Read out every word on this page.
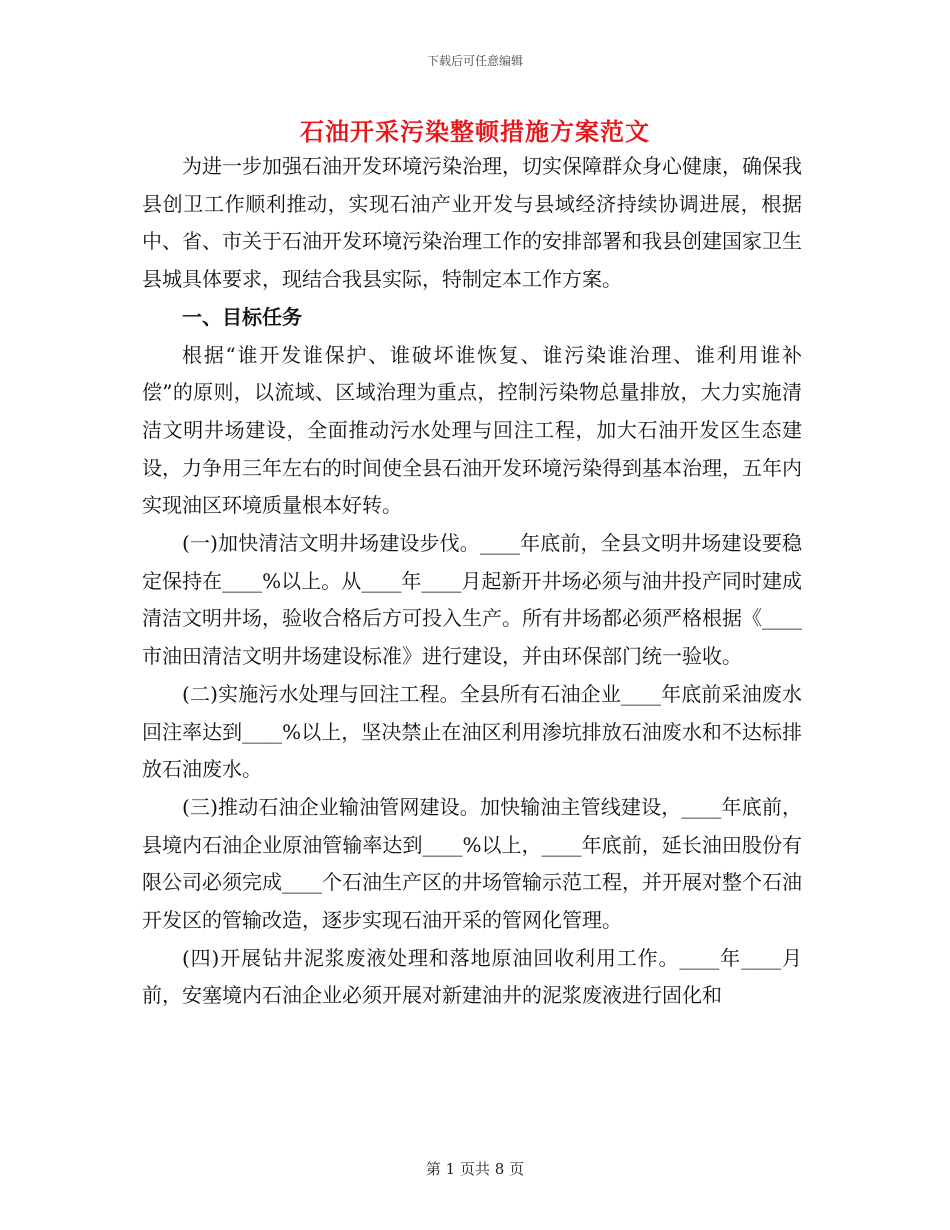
下载后可任意编辑
石油开采污染整顿措施方案范文

为进一步加强石油开发环境污染治理，切实保障群众身心健康，确保我县创卫工作顺利推动，实现石油产业开发与县域经济持续协调进展，根据中、省、市关于石油开发环境污染治理工作的安排部署和我县创建国家卫生县城具体要求，现结合我县实际，特制定本工作方案。

一、目标任务

根据“谁开发谁保护、谁破坏谁恢复、谁污染谁治理、谁利用谁补偿”的原则，以流域、区域治理为重点，控制污染物总量排放，大力实施清洁文明井场建设，全面推动污水处理与回注工程，加大石油开发区生态建设，力争用三年左右的时间使全县石油开发环境污染得到基本治理，五年内实现油区环境质量根本好转。

(一)加快清洁文明井场建设步伐。____年底前，全县文明井场建设要稳定保持在____%以上。从____年____月起新开井场必须与油井投产同时建成清洁文明井场，验收合格后方可投入生产。所有井场都必须严格根据《____市油田清洁文明井场建设标准》进行建设，并由环保部门统一验收。

(二)实施污水处理与回注工程。全县所有石油企业____年底前采油废水回注率达到____%以上，坚决禁止在油区利用渗坑排放石油废水和不达标排放石油废水。

(三)推动石油企业输油管网建设。加快输油主管线建设，____年底前，县境内石油企业原油管输率达到____%以上，____年底前，延长油田股份有限公司必须完成____个石油生产区的井场管输示范工程，并开展对整个石油开发区的管输改造，逐步实现石油开采的管网化管理。

(四)开展钻井泥浆废液处理和落地原油回收利用工作。____年____月前，安塞境内石油企业必须开展对新建油井的泥浆废液进行固化和

第 1 页共 8 页
